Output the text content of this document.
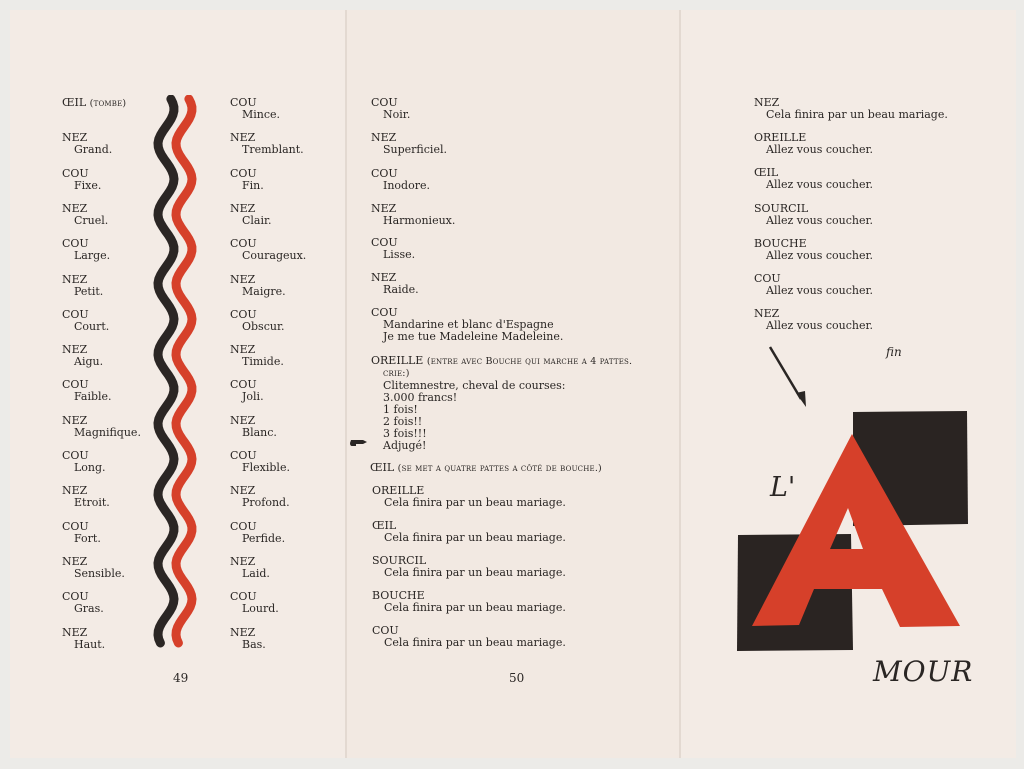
ŒIL (tombe)
NEZ
Grand.
COU
Fixe.
NEZ
Cruel.
COU
Large.
NEZ
Petit.
COU
Court.
NEZ
Aigu.
COU
Faible.
NEZ
Magnifique.
COU
Long.
NEZ
Etroit.
COU
Fort.
NEZ
Sensible.
COU
Gras.
NEZ
Haut.
COU
Mince.
NEZ
Tremblant.
COU
Fin.
NEZ
Clair.
COU
Courageux.
NEZ
Maigre.
COU
Obscur.
NEZ
Timide.
COU
Joli.
NEZ
Blanc.
COU
Flexible.
NEZ
Profond.
COU
Perfide.
NEZ
Laid.
COU
Lourd.
NEZ
Bas.
49
COU
Noir.
NEZ
Superficiel.
COU
Inodore.
NEZ
Harmonieux.
COU
Lisse.
NEZ
Raide.
COU
Mandarine et blanc d'Espagne
Je me tue Madeleine Madeleine.
OREILLE (entre avec Bouche qui marche a 4 pattes.
crie:)
Clitemnestre, cheval de courses:
3.000 francs!
1 fois!
2 fois!!
3 fois!!!
Adjugé!
ŒIL (se met a quatre pattes a côté de bouche.)
OREILLE
Cela finira par un beau mariage.
ŒIL
Cela finira par un beau mariage.
SOURCIL
Cela finira par un beau mariage.
BOUCHE
Cela finira par un beau mariage.
COU
Cela finira par un beau mariage.
50
NEZ
Cela finira par un beau mariage.
OREILLE
Allez vous coucher.
ŒIL
Allez vous coucher.
SOURCIL
Allez vous coucher.
BOUCHE
Allez vous coucher.
COU
Allez vous coucher.
NEZ
Allez vous coucher.
fin
L'
MOUR
